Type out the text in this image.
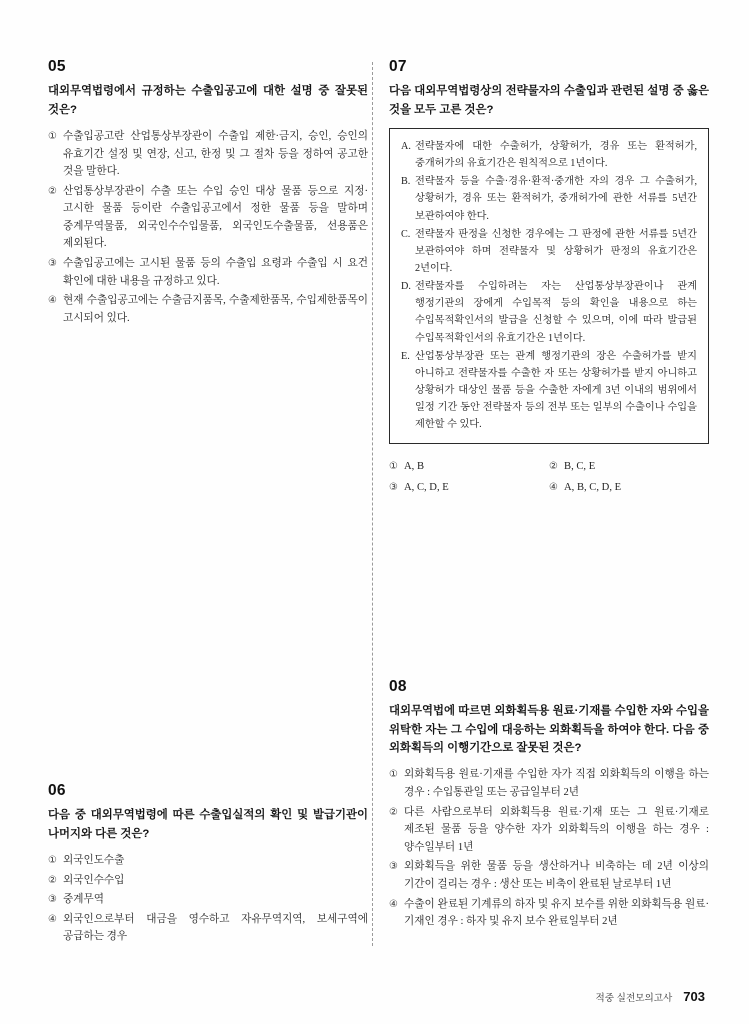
05
대외무역법령에서 규정하는 수출입공고에 대한 설명 중 잘못된 것은?
① 수출입공고란 산업통상부장관이 수출입 제한·금지, 승인, 승인의 유효기간 설정 및 연장, 신고, 한정 및 그 절차 등을 정하여 공고한 것을 말한다.
② 산업통상부장관이 수출 또는 수입 승인 대상 물품 등으로 지정·고시한 물품 등이란 수출입공고에서 정한 물품 등을 말하며 중계무역물품, 외국인수수입물품, 외국인도수출물품, 선용품은 제외된다.
③ 수출입공고에는 고시된 물품 등의 수출입 요령과 수출입 시 요건 확인에 대한 내용을 규정하고 있다.
④ 현재 수출입공고에는 수출금지품목, 수출제한품목, 수입제한품목이 고시되어 있다.
06
다음 중 대외무역법령에 따른 수출입실적의 확인 및 발급기관이 나머지와 다른 것은?
① 외국인도수출
② 외국인수수입
③ 중계무역
④ 외국인으로부터 대금을 영수하고 자유무역지역, 보세구역에 공급하는 경우
07
다음 대외무역법령상의 전략물자의 수출입과 관련된 설명 중 옳은 것을 모두 고른 것은?
A. 전략물자에 대한 수출허가, 상황허가, 경유 또는 환적허가, 중개허가의 유효기간은 원칙적으로 1년이다.
B. 전략물자 등을 수출·경유·환적·중개한 자의 경우 그 수출허가, 상황허가, 경유 또는 환적허가, 중개허가에 관한 서류를 5년간 보관하여야 한다.
C. 전략물자 판정을 신청한 경우에는 그 판정에 관한 서류를 5년간 보관하여야 하며 전략물자 및 상황허가 판정의 유효기간은 2년이다.
D. 전략물자를 수입하려는 자는 산업통상부장관이나 관계 행정기관의 장에게 수입목적 등의 확인을 내용으로 하는 수입목적확인서의 발급을 신청할 수 있으며, 이에 따라 발급된 수입목적확인서의 유효기간은 1년이다.
E. 산업통상부장관 또는 관계 행정기관의 장은 수출허가를 받지 아니하고 전략물자를 수출한 자 또는 상황허가를 받지 아니하고 상황허가 대상인 물품 등을 수출한 자에게 3년 이내의 범위에서 일정 기간 동안 전략물자 등의 전부 또는 일부의 수출이나 수입을 제한할 수 있다.
① A, B	② B, C, E
③ A, C, D, E	④ A, B, C, D, E
08
대외무역법에 따르면 외화획득용 원료·기재를 수입한 자와 수입을 위탁한 자는 그 수입에 대응하는 외화획득을 하여야 한다. 다음 중 외화획득의 이행기간으로 잘못된 것은?
① 외화획득용 원료·기재를 수입한 자가 직접 외화획득의 이행을 하는 경우 : 수입통관일 또는 공급일부터 2년
② 다른 사람으로부터 외화획득용 원료·기재 또는 그 원료·기재로 제조된 물품 등을 양수한 자가 외화획득의 이행을 하는 경우 : 양수일부터 1년
③ 외화획득을 위한 물품 등을 생산하거나 비축하는 데 2년 이상의 기간이 걸리는 경우 : 생산 또는 비축이 완료된 날로부터 1년
④ 수출이 완료된 기계류의 하자 및 유지 보수를 위한 외화획득용 원료·기재인 경우 : 하자 및 유지 보수 완료일부터 2년
적중 실전모의고사 703
